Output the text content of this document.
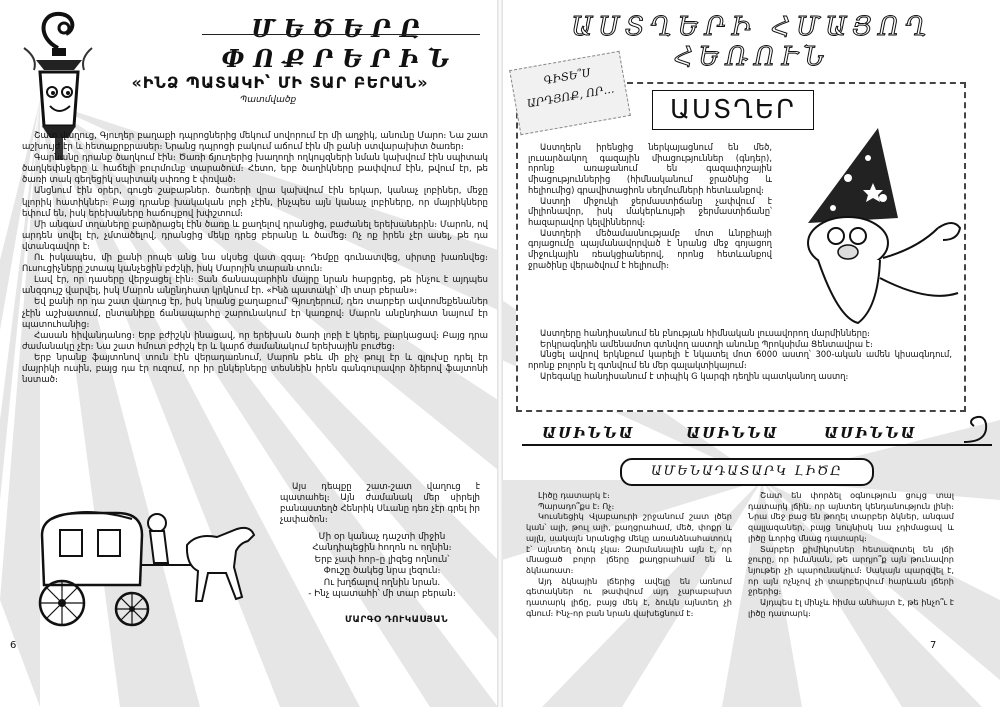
ՄԵԾԵՐԸ
ՓՈՔՐԵՐԻՆ
«ԻՆՁ ՊԱՏԱԿԻ՝ ՄԻ ՏԱՐ ԲԵՐԱՆ»
Պատմվածք

Շատ վաղուց, Գյուղեր բաղաքի դպրոցներից մեկում սովորում էր մի աղջիկ, անունը Մարո։ Նա շատ աշխույժ էր և հետաքրքրասեր։ Նրանց դպրոցի բակում աճում էին մի քանի ստվարախիտ ծառեր։

Գարնանը դրանք ծաղկում էին։ Ծառի ճյուղերից խաղողի ողկույզների նման կախվում էին սպիտակ ծաղկեփնջերը և հաճելի բուրմունք տարածում։ Հետո, երբ ծաղիկները թափվում էին, թվում էր, թե ծառի տակ գեղեցիկ սպիտակ սփռոց է փռված։

Անցնում էին օրեր, գուցե շաբաթներ. ծառերի վրա կախվում էին երկար, կանաչ լոբիներ, մեջը կլորիկ հատիկներ։ Բայց դրանք խակական լոբի չէին, ինչպես այն կանաչ լոբիները, որ մայրիկները եփում են, իսկ երեխաները հաճույքով խփշտում։

Մի անգամ տղաները բարձրացել էին ծառը և քաղելով դրանցից, բաժանել երեխաներին։ Մարոն, ով արդեն սովել էր, չմտածելով, դրանցից մեկը դրեց բերանը և ծամեց։ Ոչ ոք իրեն չէր ասել, թե դա վտանգավոր է։

Ու իսկապես, մի քանի րոպե անց նա սկսեց վատ զգալ։ Դեմքը գունատվեց, սիրտը խառնվեց։ Ուսուցիչները շտապ կանչեցին բժշկի, իսկ Մարոյին տարան տուն։

Լավ էր, որ դասերը վերջացել էին։ Տան ճանապարհին մայրը նրան հարցրեց, թե ինչու է այդպես անզգույշ վարվել, իսկ Մարոն անընդհատ կրկնում էր. «Ինձ պատակի՝ մի տար բերան»։

Եվ քանի որ դա շատ վաղուց էր, իսկ նրանց քաղաքում՝ Գյուղերում, դեռ տարբեր ավտոմեքենաներ չէին աշխատում, ընտանիքը ճանապարհը շարունակում էր կառքով։ Մարոն անընդհատ նայում էր պատուհանից։

Հասան հիվանդանոց։ Երբ բժիշկն ինացավ, որ երեխան ծառի լոբի է կերել, բարկացավ։ Բայց դրա ժամանակը չէր։ Նա շատ հմուտ բժիշկ էր և կարճ ժամանակում երեխային բուժեց։

Երբ նրանք ֆայտոնով տուն էին վերադառնում, Մարոն թեև մի քիչ թույլ էր և գլուխը դրել էր մայրիկի ուսին, բայց դա էր ուզում, որ իր ընկերները տեսնեին իրեն գանգուրավոր ձիերով ֆայտոնի նստած։

Այս դեպքը շատ-շատ վաղուց է պատահել։ Այն ժամանակ մեր սիրելի բանաստեղծ Հենրիկ Սևանը դեռ չէր գրել իր չափածոն։

Մի օր կանաչ դաշտի միջին
Հանդիպեցին հողոն ու ողնին։
Երբ չափ հոր–ը լիզեց ողնուն՝
Փուշը ծակեց նրա լեզուն։
Ու խղճալով ողնին նրան.
- Ինչ պատահի՝ մի տար բերան։
ՄԱՐԳՕ ԴՈՒԿԱՍՅԱՆ
6
ԱՍՏՂԵՐԻ ՀՄԱՅՈՂ
ՀԵՌՈՒՆ
ԳԻՏԵ՞Ս
ԱՐԴՅՈՔ, ՈՐ…	ԱՍՏՂԵՐ

Աստղերն իրենցից ներկայացնում են մեծ, լուսարձակող գազային միացություններ (գնդեր), որոնք առաջանում են գազափոշային միացություններից (հիմնականում ջրածնից և հելիումից) գրավիտացիոն սեղմումների հետևանքով։

Աստղի միջուկի ջերմաստիճանը չափվում է միլիոնավոր, իսկ մակերևույթի ջերմաստիճանը՝ հազարավոր կելվիններով։

Աստղերի մեծամասնությամբ մոտ ևնրքիայի գոյացումը պայմանավորված է նրանց մեջ գոյացող միջուկային ռեակցիաներով, որոնց հետևանքով ջրածինը վերածվում է հելիումի։

Աստղերը հանդիսանում են բնության հիմնական լուսավորող մարմինները։

Երկրագնդին ամենամոտ գտնվող աստղի անունը Պրոկսիմա Ցենտավրա է։

Անցել ավրով երկնքում կարելի է նկատել մոտ 6000 աստղ՝ 300-ական ամեն կիսագնդում, որոնք բոլորն էլ գտնվում են մեր գալակտիկայում։

Արեգակը հանդիսանում է տիպիկ G կարգի դեղին պատկանող աստղ։

ԱՍԻՆՆԱ	ԱՍԻՆՆԱ	ԱՍԻՆՆԱ
ԱՄԵՆԱԴԱՏԱՐԿ ԼԻԾԸ

Լիծը դատարկ է։

Պարադո՞քս է։ Ոչ։

Կուսնեցիկ Վլաբաուրի շրջանում շատ լծեր կան՝ ալի, թուլ ալի, քաղցրահամ, մեծ, փոքր և այլն, սակայն նրանցից մեկը առանձնահատուկ է՝ այնտեղ ձուկ չկա։ Զարմանալին այն է, որ մնացած բոլոր լճերը քաղցրահամ են և ձկնառատ։

Այդ ձկնային լճերից ավելը են առնում գետակներ ու թափվում այդ չարաբախտ դատարկ լիճը, բայց մեկ է, ձուկն այնտեղ չի գնում։ Ինչ-որ բան նրան վախեցնում է։

Շատ են փորձել օգնություն ցույց տալ դատարկ լճին. որ այնտեղ կենդանություն լինի։ Նրա մեջ բաց են թողել տարբեր ձկներ, անգամ զալլազաներ, բայց նույնիսկ նա չդիմացավ և լիծը ևորից մնաց դատարկ։

Տարբեր քիմիկոսներ հետազոտել են լճի ջուրը, որ իմանան, թե արդյո՞ք այն թունավոր նյութեր չի պարունակում։ Սակայն պարզվել է, որ այն ոչնչով չի տարբերվում հարևան լճերի ջրերից։

Այդպես էլ մինչև հիմա անհայտ է, թե ինչո՞ւ է լիծը դատարկ։

7
